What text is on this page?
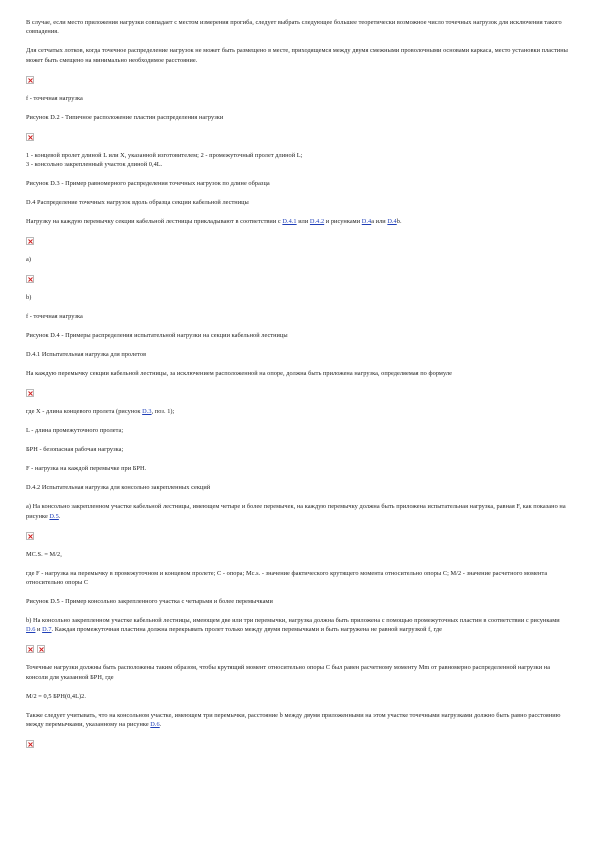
В случае, если место приложения нагрузки совпадает с местом измерения прогиба, следует выбрать следующее большее теоретически возможное число точечных нагрузок для исключения такого совпадения.

Для сетчатых лотков, когда точечное распределение нагрузок не может быть размещено в месте, приходящемся между двумя смежными проволочными основами каркаса, место установки пластины может быть смещено на минимально необходимое расстояние.

f - точечная нагрузка

Рисунок D.2 - Типичное расположение пластин распределения нагрузки

1 - концевой пролет длиной L или X, указанной изготовителем; 2 - промежуточный пролет длиной L;

3 - консольно закрепленный участок длиной 0,4L.

Рисунок D.3 - Пример равномерного распределения точечных нагрузок по длине образца

D.4 Распределение точечных нагрузок вдоль образца секции кабельной лестницы

Нагрузку на каждую перемычку секции кабельной лестницы прикладывают в соответствии с D.4.1 или D.4.2 и рисунками D.4a или D.4b.

a)

b)

f - точечная нагрузка

Рисунок D.4 - Примеры распределения испытательной нагрузки на секции кабельной лестницы

D.4.1 Испытательная нагрузка для пролетов

На каждую перемычку секции кабельной лестницы, за исключением расположенной на опоре, должна быть приложена нагрузка, определяемая по формуле

где X - длина концевого пролета (рисунок D.3, поз. 1);

L - длина промежуточного пролета;

БРН - безопасная рабочая нагрузка;

F - нагрузка на каждой перемычке при БРН.

D.4.2 Испытательная нагрузка для консольно закрепленных секций

а) На консольно закрепленном участке кабельной лестницы, имеющем четыре и более перемычек, на каждую перемычку должна быть приложена испытательная нагрузка, равная F, как показано на рисунке D.5.

MC.S. = M/2,

где F - нагрузка на перемычку в промежуточном и концевом пролете; C - опора; Mc.s. - значение фактического крутящего момента относительно опоры C; M/2 - значение расчетного момента относительно опоры C

Рисунок D.5 - Пример консольно закрепленного участка с четырьмя и более перемычками

b) На консольно закрепленном участке кабельной лестницы, имеющем две или три перемычки, нагрузка должна быть приложена с помощью промежуточных пластин в соответствии с рисунками D.6 и D.7. Каждая промежуточная пластина должна перекрывать пролет только между двумя перемычками и быть нагружена не равной нагрузкой f, где

Точечные нагрузки должны быть расположены таким образом, чтобы крутящий момент относительно опоры C был равен расчетному моменту Mm от равномерно распределенной нагрузки на консоли для указанной БРН, где

M/2 = 0,5 БРН(0,4L)2.

Также следует учитывать, что на консольном участке, имеющем три перемычки, расстояние b между двумя приложенными на этом участке точечными нагрузками должно быть равно расстоянию между перемычками, указанному на рисунке D.6.
